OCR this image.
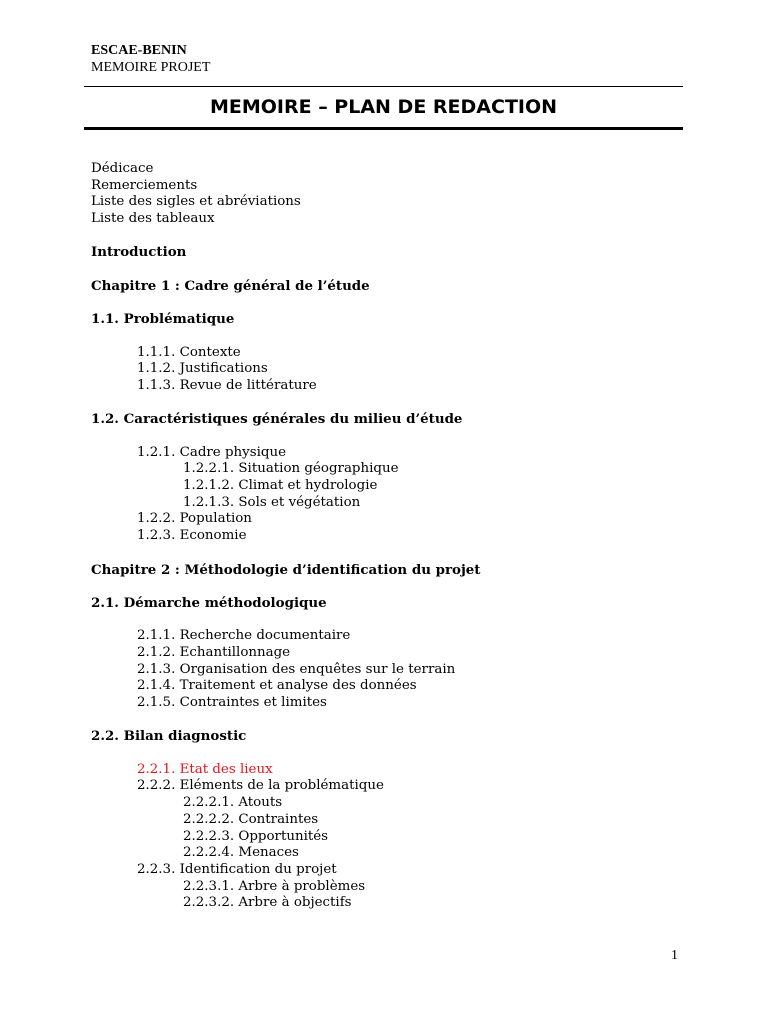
ESCAE-BENIN
MEMOIRE PROJET
MEMOIRE – PLAN DE REDACTION
Dédicace
Remerciements
Liste des sigles et abréviations
Liste des tableaux
Introduction
Chapitre 1 : Cadre général de l’étude
1.1. Problématique
1.1.1. Contexte
1.1.2. Justifications
1.1.3. Revue de littérature
1.2. Caractéristiques générales du milieu d’étude
1.2.1. Cadre physique
1.2.2.1. Situation géographique
1.2.1.2. Climat et hydrologie
1.2.1.3. Sols et végétation
1.2.2. Population
1.2.3. Economie
Chapitre 2 : Méthodologie d’identification du projet
2.1. Démarche méthodologique
2.1.1. Recherche documentaire
2.1.2. Echantillonnage
2.1.3. Organisation des enquêtes sur le terrain
2.1.4. Traitement et analyse des données
2.1.5. Contraintes et limites
2.2. Bilan diagnostic
2.2.1. Etat des lieux
2.2.2. Eléments de la problématique
2.2.2.1. Atouts
2.2.2.2. Contraintes
2.2.2.3. Opportunités
2.2.2.4. Menaces
2.2.3. Identification du projet
2.2.3.1. Arbre à problèmes
2.2.3.2. Arbre à objectifs
1
